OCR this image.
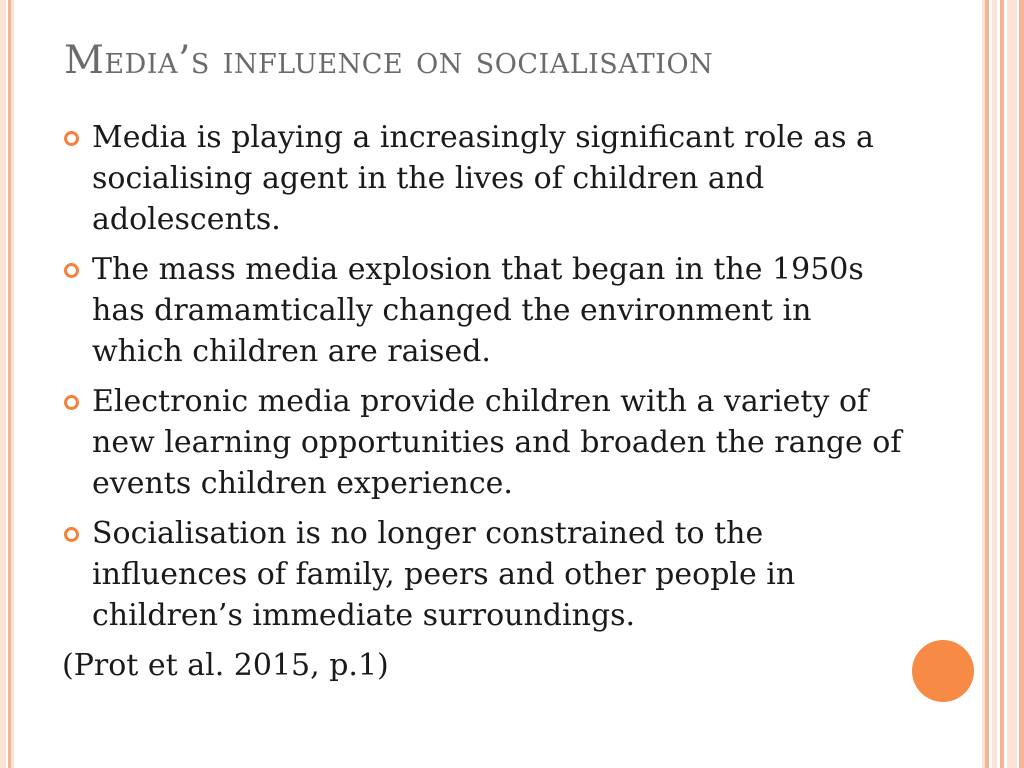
Media’s influence on socialisation
Media is playing a increasingly significant role as a socialising agent in the lives of children and adolescents.
The mass media explosion that began in the 1950s has dramamtically changed the environment in which children are raised.
Electronic media provide children with a variety of new learning opportunities and broaden the range of events children experience.
Socialisation is no longer constrained to the influences of family, peers and other people in children’s immediate surroundings.
(Prot et al. 2015, p.1)
